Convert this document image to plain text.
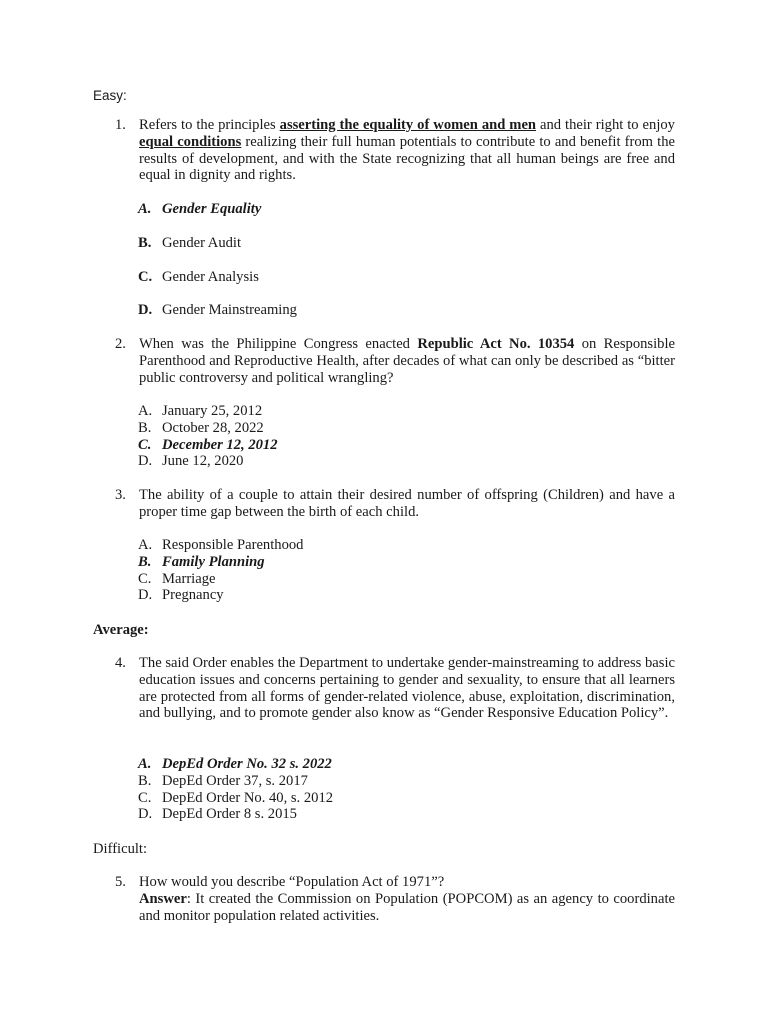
Easy:
1. Refers to the principles asserting the equality of women and men and their right to enjoy equal conditions realizing their full human potentials to contribute to and benefit from the results of development, and with the State recognizing that all human beings are free and equal in dignity and rights.
A. Gender Equality
B. Gender Audit
C. Gender Analysis
D. Gender Mainstreaming
2. When was the Philippine Congress enacted Republic Act No. 10354 on Responsible Parenthood and Reproductive Health, after decades of what can only be described as “bitter public controversy and political wrangling?
A. January 25, 2012
B. October 28, 2022
C. December 12, 2012
D. June 12, 2020
3. The ability of a couple to attain their desired number of offspring (Children) and have a proper time gap between the birth of each child.
A. Responsible Parenthood
B. Family Planning
C. Marriage
D. Pregnancy
Average:
4. The said Order enables the Department to undertake gender-mainstreaming to address basic education issues and concerns pertaining to gender and sexuality, to ensure that all learners are protected from all forms of gender-related violence, abuse, exploitation, discrimination, and bullying, and to promote gender also know as “Gender Responsive Education Policy”.
A. DepEd Order No. 32 s. 2022
B. DepEd Order 37, s. 2017
C. DepEd Order No. 40, s. 2012
D. DepEd Order 8 s. 2015
Difficult:
5. How would you describe “Population Act of 1971”?
Answer: It created the Commission on Population (POPCOM) as an agency to coordinate and monitor population related activities.
